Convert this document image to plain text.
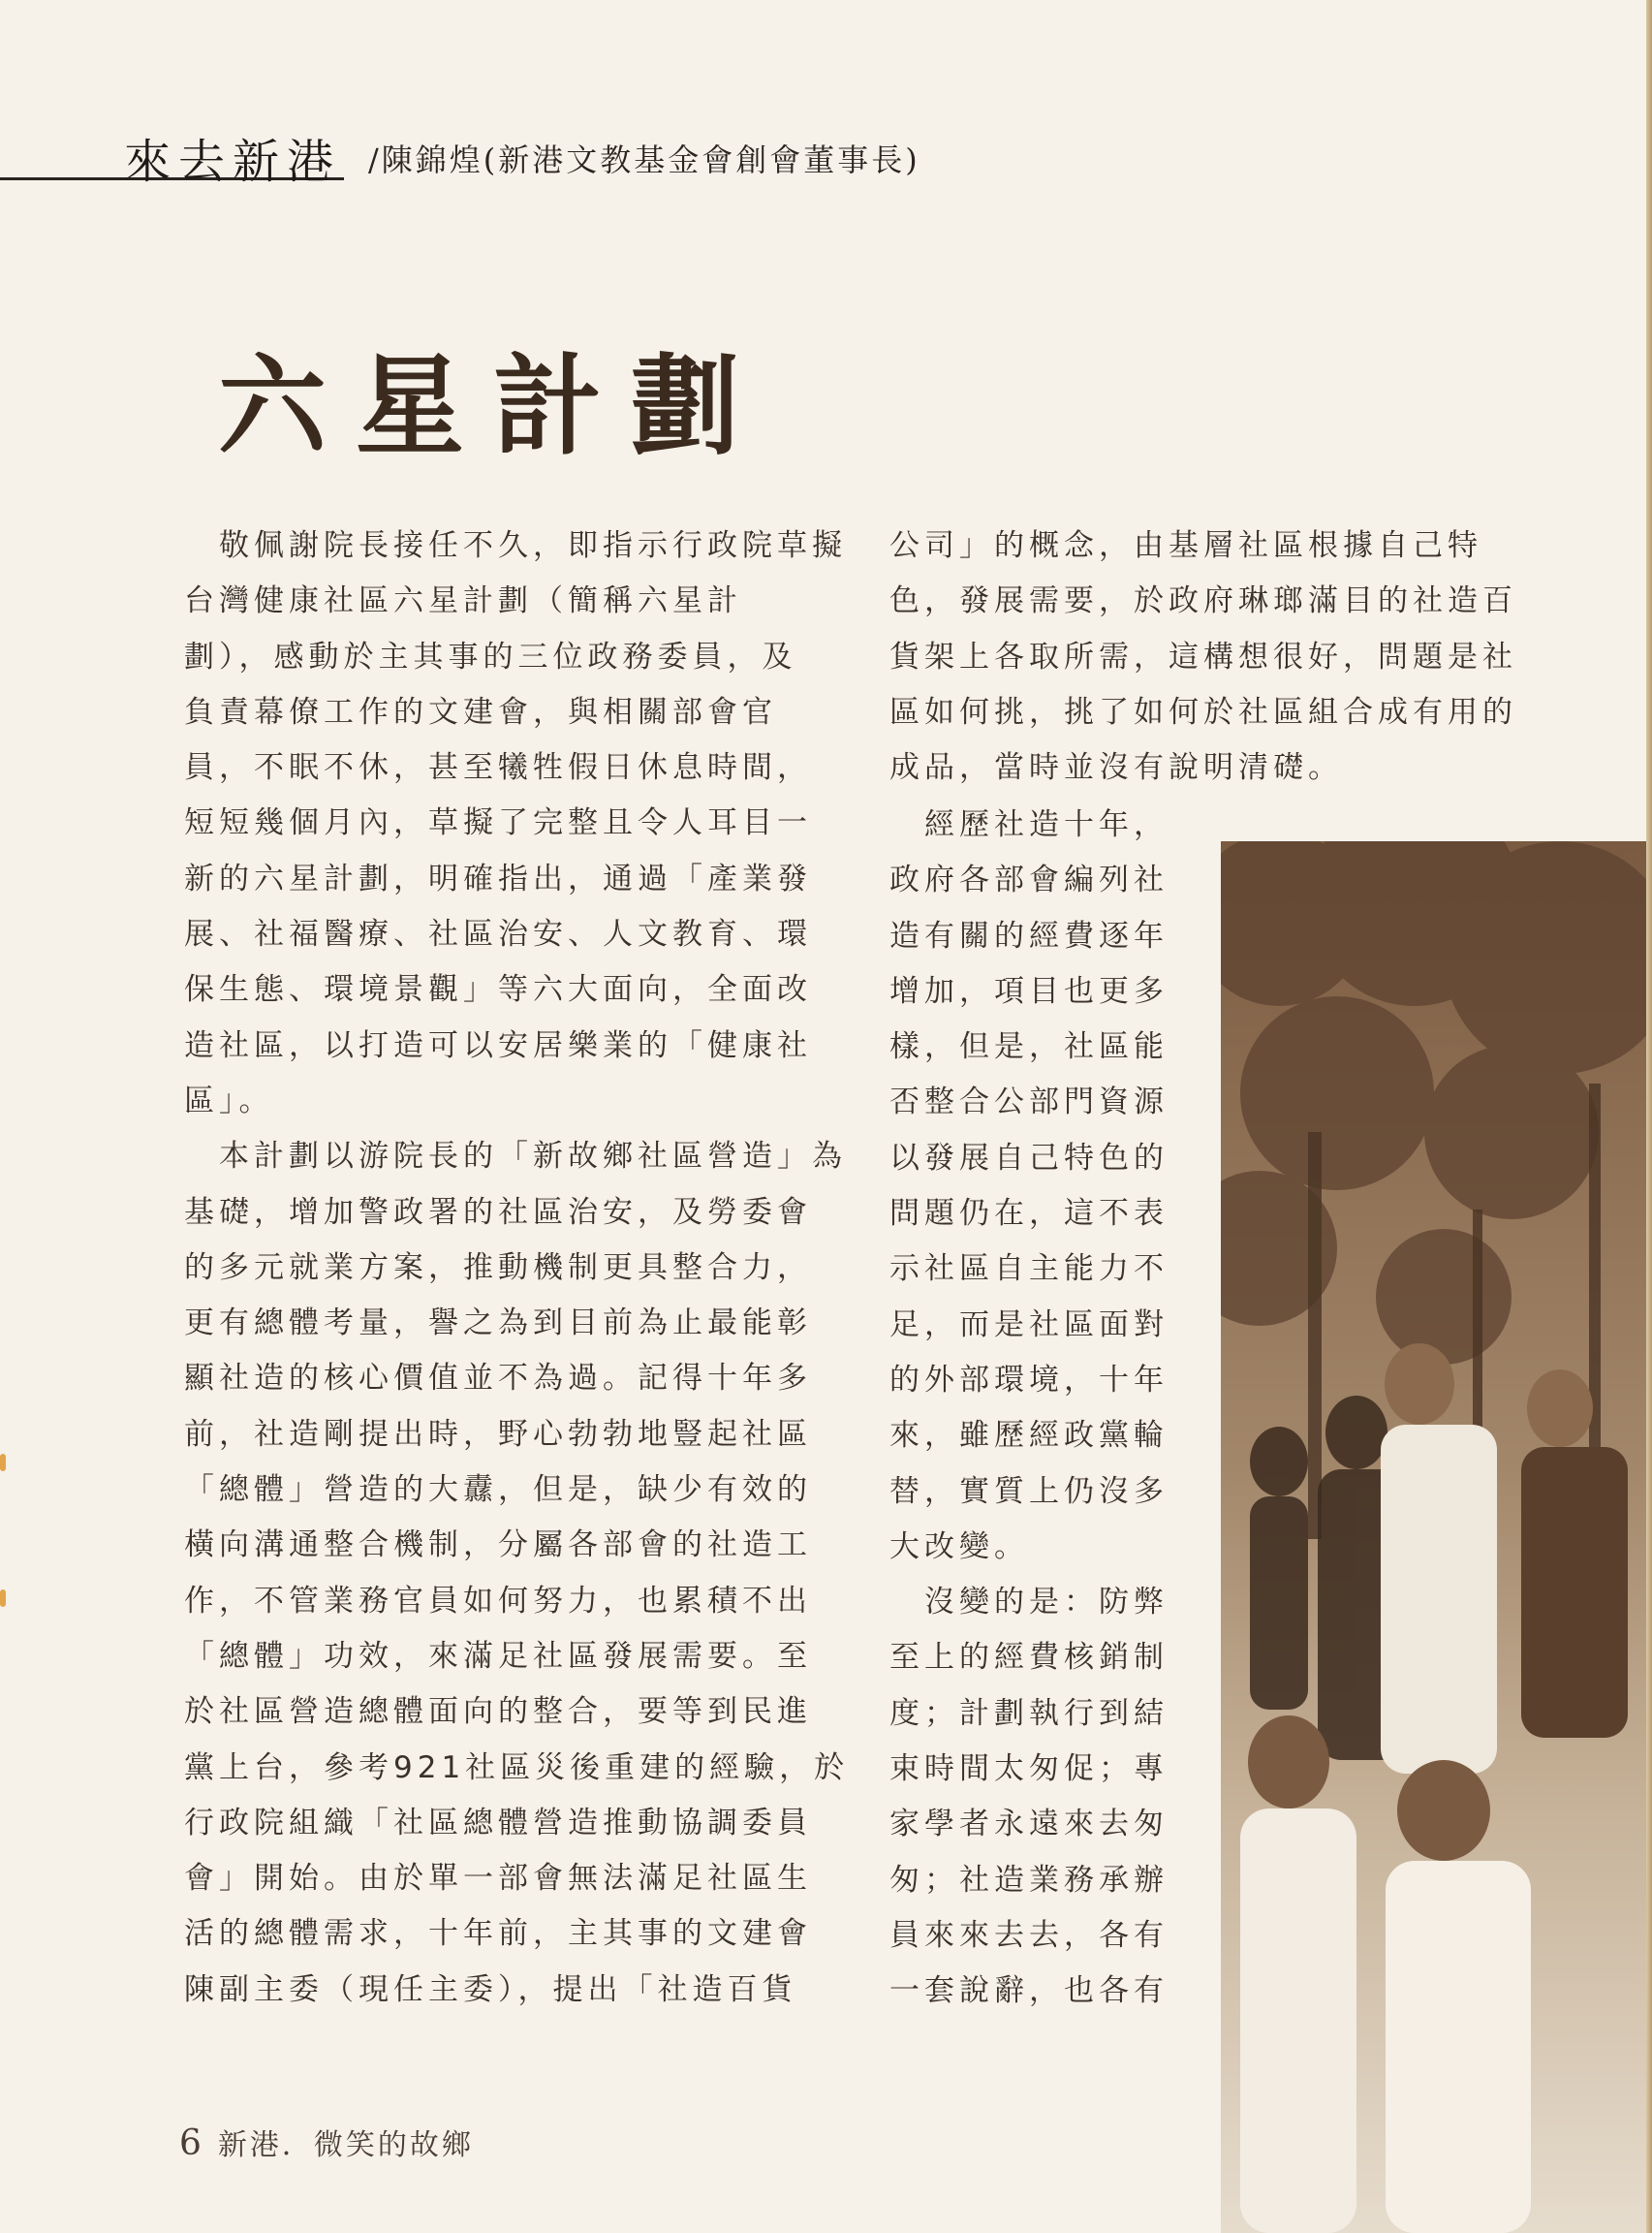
來去新港 /陳錦煌(新港文教基金會創會董事長)
六星計劃

　敬佩謝院長接任不久，即指示行政院草擬

台灣健康社區六星計劃（簡稱六星計

劃），感動於主其事的三位政務委員，及

負責幕僚工作的文建會，與相關部會官

員，不眠不休，甚至犧牲假日休息時間，

短短幾個月內，草擬了完整且令人耳目一

新的六星計劃，明確指出，通過「產業發

展、社福醫療、社區治安、人文教育、環

保生態、環境景觀」等六大面向，全面改

造社區，以打造可以安居樂業的「健康社

區」。

　本計劃以游院長的「新故鄉社區營造」為

基礎，增加警政署的社區治安，及勞委會

的多元就業方案，推動機制更具整合力，

更有總體考量，譽之為到目前為止最能彰

顯社造的核心價值並不為過。記得十年多

前，社造剛提出時，野心勃勃地豎起社區

「總體」營造的大纛，但是，缺少有效的

橫向溝通整合機制，分屬各部會的社造工

作，不管業務官員如何努力，也累積不出

「總體」功效，來滿足社區發展需要。至

於社區營造總體面向的整合，要等到民進

黨上台，參考921社區災後重建的經驗，於

行政院組織「社區總體營造推動協調委員

會」開始。由於單一部會無法滿足社區生

活的總體需求，十年前，主其事的文建會

陳副主委（現任主委），提出「社造百貨

公司」的概念，由基層社區根據自己特

色，發展需要，於政府琳瑯滿目的社造百

貨架上各取所需，這構想很好，問題是社

區如何挑，挑了如何於社區組合成有用的

成品，當時並沒有說明清礎。

　經歷社造十年，

政府各部會編列社

造有關的經費逐年

增加，項目也更多

樣，但是，社區能

否整合公部門資源

以發展自己特色的

問題仍在，這不表

示社區自主能力不

足，而是社區面對

的外部環境，十年

來，雖歷經政黨輪

替，實質上仍沒多

大改變。

　沒變的是：防弊

至上的經費核銷制

度；計劃執行到結

束時間太匆促；專

家學者永遠來去匆

匆；社造業務承辦

員來來去去，各有

一套說辭，也各有

6 新港．微笑的故鄉
